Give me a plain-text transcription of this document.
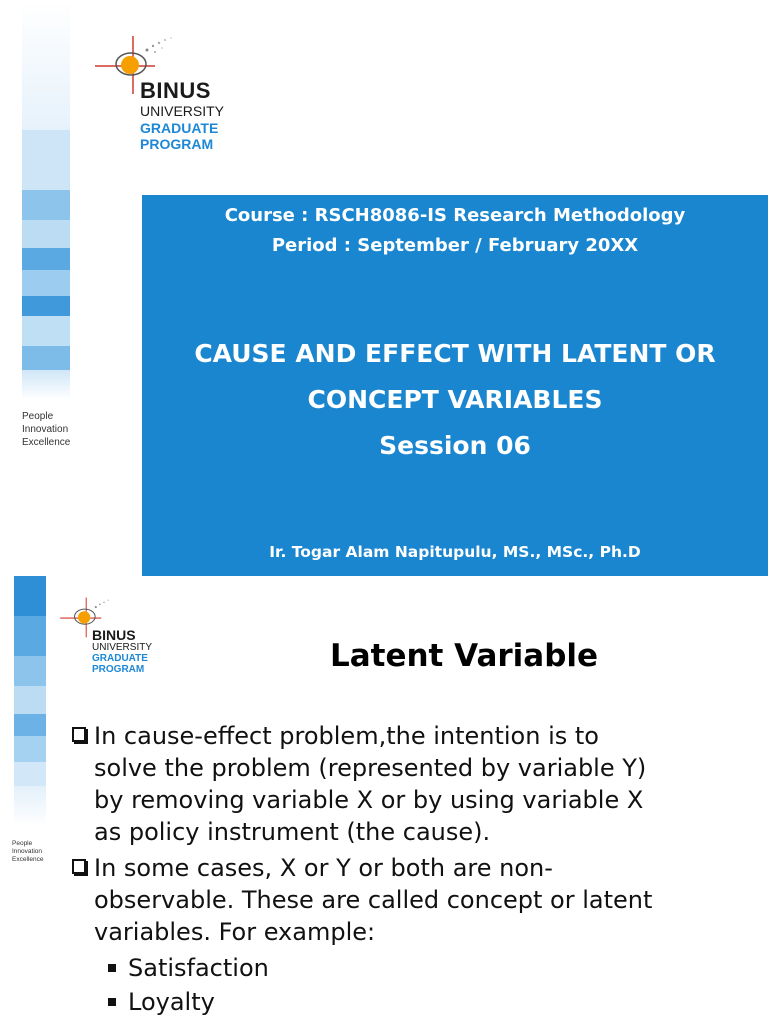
BINUS
UNIVERSITY
GRADUATE
PROGRAM
People
Innovation
Excellence
Course : RSCH8086-IS Research Methodology
Period : September / February 20XX
CAUSE AND EFFECT WITH LATENT OR
CONCEPT VARIABLES
Session 06
Ir. Togar Alam Napitupulu, MS., MSc., Ph.D
BINUS
UNIVERSITY
GRADUATE
PROGRAM
People
Innovation
Excellence
Latent Variable
In cause-effect problem,the intention is to
solve the problem (represented by variable Y)
by removing variable X or by using variable X
as policy instrument (the cause).
In some cases, X or Y or both are non-
observable. These are called concept or latent
variables. For example:
Satisfaction
Loyalty
